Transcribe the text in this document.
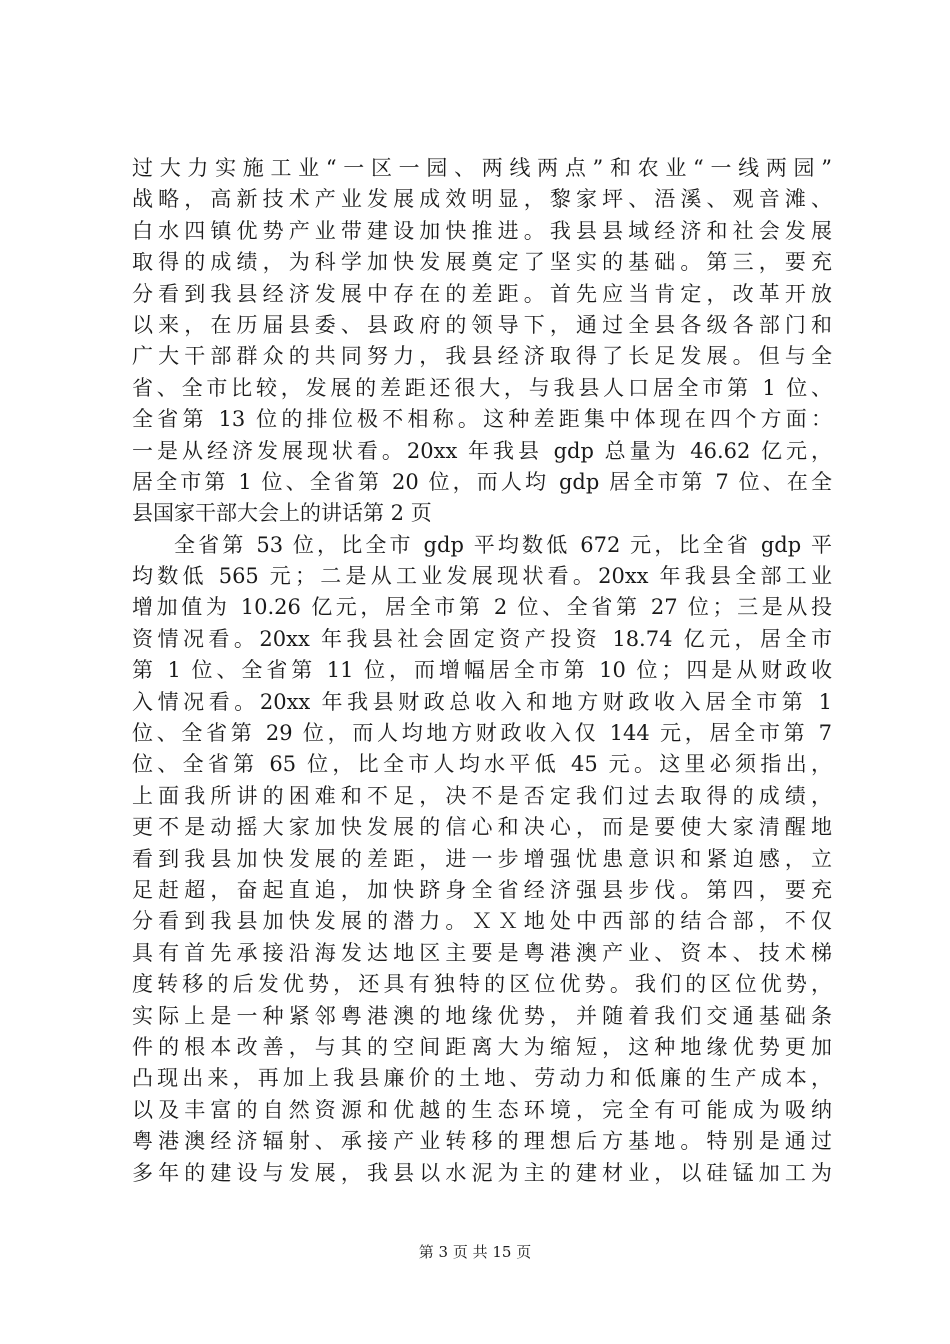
过大力实施工业“一区一园、两线两点”和农业“一线两园”
战略，高新技术产业发展成效明显，黎家坪、浯溪、观音滩、
白水四镇优势产业带建设加快推进。我县县域经济和社会发展
取得的成绩，为科学加快发展奠定了坚实的基础。第三，要充
分看到我县经济发展中存在的差距。首先应当肯定，改革开放
以来，在历届县委、县政府的领导下，通过全县各级各部门和
广大干部群众的共同努力，我县经济取得了长足发展。但与全
省、全市比较，发展的差距还很大，与我县人口居全市第 1 位、
全省第 13 位的排位极不相称。这种差距集中体现在四个方面：
一是从经济发展现状看。20xx 年我县 gdp 总量为 46.62 亿元，
居全市第 1 位、全省第 20 位，而人均 gdp 居全市第 7 位、在全
县国家干部大会上的讲话第 2 页
全省第 53 位，比全市 gdp 平均数低 672 元，比全省 gdp 平
均数低 565 元；二是从工业发展现状看。20xx 年我县全部工业
增加值为 10.26 亿元，居全市第 2 位、全省第 27 位；三是从投
资情况看。20xx 年我县社会固定资产投资 18.74 亿元，居全市
第 1 位、全省第 11 位，而增幅居全市第 10 位；四是从财政收
入情况看。20xx 年我县财政总收入和地方财政收入居全市第 1
位、全省第 29 位，而人均地方财政收入仅 144 元，居全市第 7
位、全省第 65 位，比全市人均水平低 45 元。这里必须指出，
上面我所讲的困难和不足，决不是否定我们过去取得的成绩，
更不是动摇大家加快发展的信心和决心，而是要使大家清醒地
看到我县加快发展的差距，进一步增强忧患意识和紧迫感，立
足赶超，奋起直追，加快跻身全省经济强县步伐。第四，要充
分看到我县加快发展的潜力。ＸＸ地处中西部的结合部，不仅
具有首先承接沿海发达地区主要是粤港澳产业、资本、技术梯
度转移的后发优势，还具有独特的区位优势。我们的区位优势，
实际上是一种紧邻粤港澳的地缘优势，并随着我们交通基础条
件的根本改善，与其的空间距离大为缩短，这种地缘优势更加
凸现出来，再加上我县廉价的土地、劳动力和低廉的生产成本，
以及丰富的自然资源和优越的生态环境，完全有可能成为吸纳
粤港澳经济辐射、承接产业转移的理想后方基地。特别是通过
多年的建设与发展，我县以水泥为主的建材业，以硅锰加工为
第 3 页 共 15 页
